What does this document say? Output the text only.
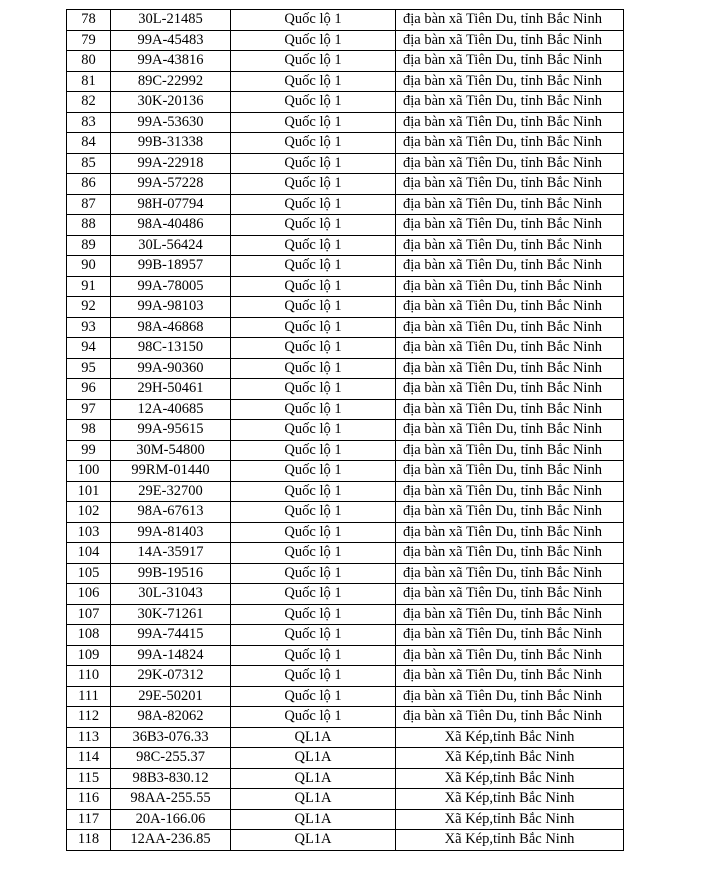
78	30L-21485	Quốc lộ 1	địa bàn xã Tiên Du, tỉnh Bắc Ninh
79	99A-45483	Quốc lộ 1	địa bàn xã Tiên Du, tỉnh Bắc Ninh
80	99A-43816	Quốc lộ 1	địa bàn xã Tiên Du, tỉnh Bắc Ninh
81	89C-22992	Quốc lộ 1	địa bàn xã Tiên Du, tỉnh Bắc Ninh
82	30K-20136	Quốc lộ 1	địa bàn xã Tiên Du, tỉnh Bắc Ninh
83	99A-53630	Quốc lộ 1	địa bàn xã Tiên Du, tỉnh Bắc Ninh
84	99B-31338	Quốc lộ 1	địa bàn xã Tiên Du, tỉnh Bắc Ninh
85	99A-22918	Quốc lộ 1	địa bàn xã Tiên Du, tỉnh Bắc Ninh
86	99A-57228	Quốc lộ 1	địa bàn xã Tiên Du, tỉnh Bắc Ninh
87	98H-07794	Quốc lộ 1	địa bàn xã Tiên Du, tỉnh Bắc Ninh
88	98A-40486	Quốc lộ 1	địa bàn xã Tiên Du, tỉnh Bắc Ninh
89	30L-56424	Quốc lộ 1	địa bàn xã Tiên Du, tỉnh Bắc Ninh
90	99B-18957	Quốc lộ 1	địa bàn xã Tiên Du, tỉnh Bắc Ninh
91	99A-78005	Quốc lộ 1	địa bàn xã Tiên Du, tỉnh Bắc Ninh
92	99A-98103	Quốc lộ 1	địa bàn xã Tiên Du, tỉnh Bắc Ninh
93	98A-46868	Quốc lộ 1	địa bàn xã Tiên Du, tỉnh Bắc Ninh
94	98C-13150	Quốc lộ 1	địa bàn xã Tiên Du, tỉnh Bắc Ninh
95	99A-90360	Quốc lộ 1	địa bàn xã Tiên Du, tỉnh Bắc Ninh
96	29H-50461	Quốc lộ 1	địa bàn xã Tiên Du, tỉnh Bắc Ninh
97	12A-40685	Quốc lộ 1	địa bàn xã Tiên Du, tỉnh Bắc Ninh
98	99A-95615	Quốc lộ 1	địa bàn xã Tiên Du, tỉnh Bắc Ninh
99	30M-54800	Quốc lộ 1	địa bàn xã Tiên Du, tỉnh Bắc Ninh
100	99RM-01440	Quốc lộ 1	địa bàn xã Tiên Du, tỉnh Bắc Ninh
101	29E-32700	Quốc lộ 1	địa bàn xã Tiên Du, tỉnh Bắc Ninh
102	98A-67613	Quốc lộ 1	địa bàn xã Tiên Du, tỉnh Bắc Ninh
103	99A-81403	Quốc lộ 1	địa bàn xã Tiên Du, tỉnh Bắc Ninh
104	14A-35917	Quốc lộ 1	địa bàn xã Tiên Du, tỉnh Bắc Ninh
105	99B-19516	Quốc lộ 1	địa bàn xã Tiên Du, tỉnh Bắc Ninh
106	30L-31043	Quốc lộ 1	địa bàn xã Tiên Du, tỉnh Bắc Ninh
107	30K-71261	Quốc lộ 1	địa bàn xã Tiên Du, tỉnh Bắc Ninh
108	99A-74415	Quốc lộ 1	địa bàn xã Tiên Du, tỉnh Bắc Ninh
109	99A-14824	Quốc lộ 1	địa bàn xã Tiên Du, tỉnh Bắc Ninh
110	29K-07312	Quốc lộ 1	địa bàn xã Tiên Du, tỉnh Bắc Ninh
111	29E-50201	Quốc lộ 1	địa bàn xã Tiên Du, tỉnh Bắc Ninh
112	98A-82062	Quốc lộ 1	địa bàn xã Tiên Du, tỉnh Bắc Ninh
113	36B3-076.33	QL1A	Xã Kép,tỉnh Bắc Ninh
114	98C-255.37	QL1A	Xã Kép,tỉnh Bắc Ninh
115	98B3-830.12	QL1A	Xã Kép,tỉnh Bắc Ninh
116	98AA-255.55	QL1A	Xã Kép,tỉnh Bắc Ninh
117	20A-166.06	QL1A	Xã Kép,tỉnh Bắc Ninh
118	12AA-236.85	QL1A	Xã Kép,tỉnh Bắc Ninh
